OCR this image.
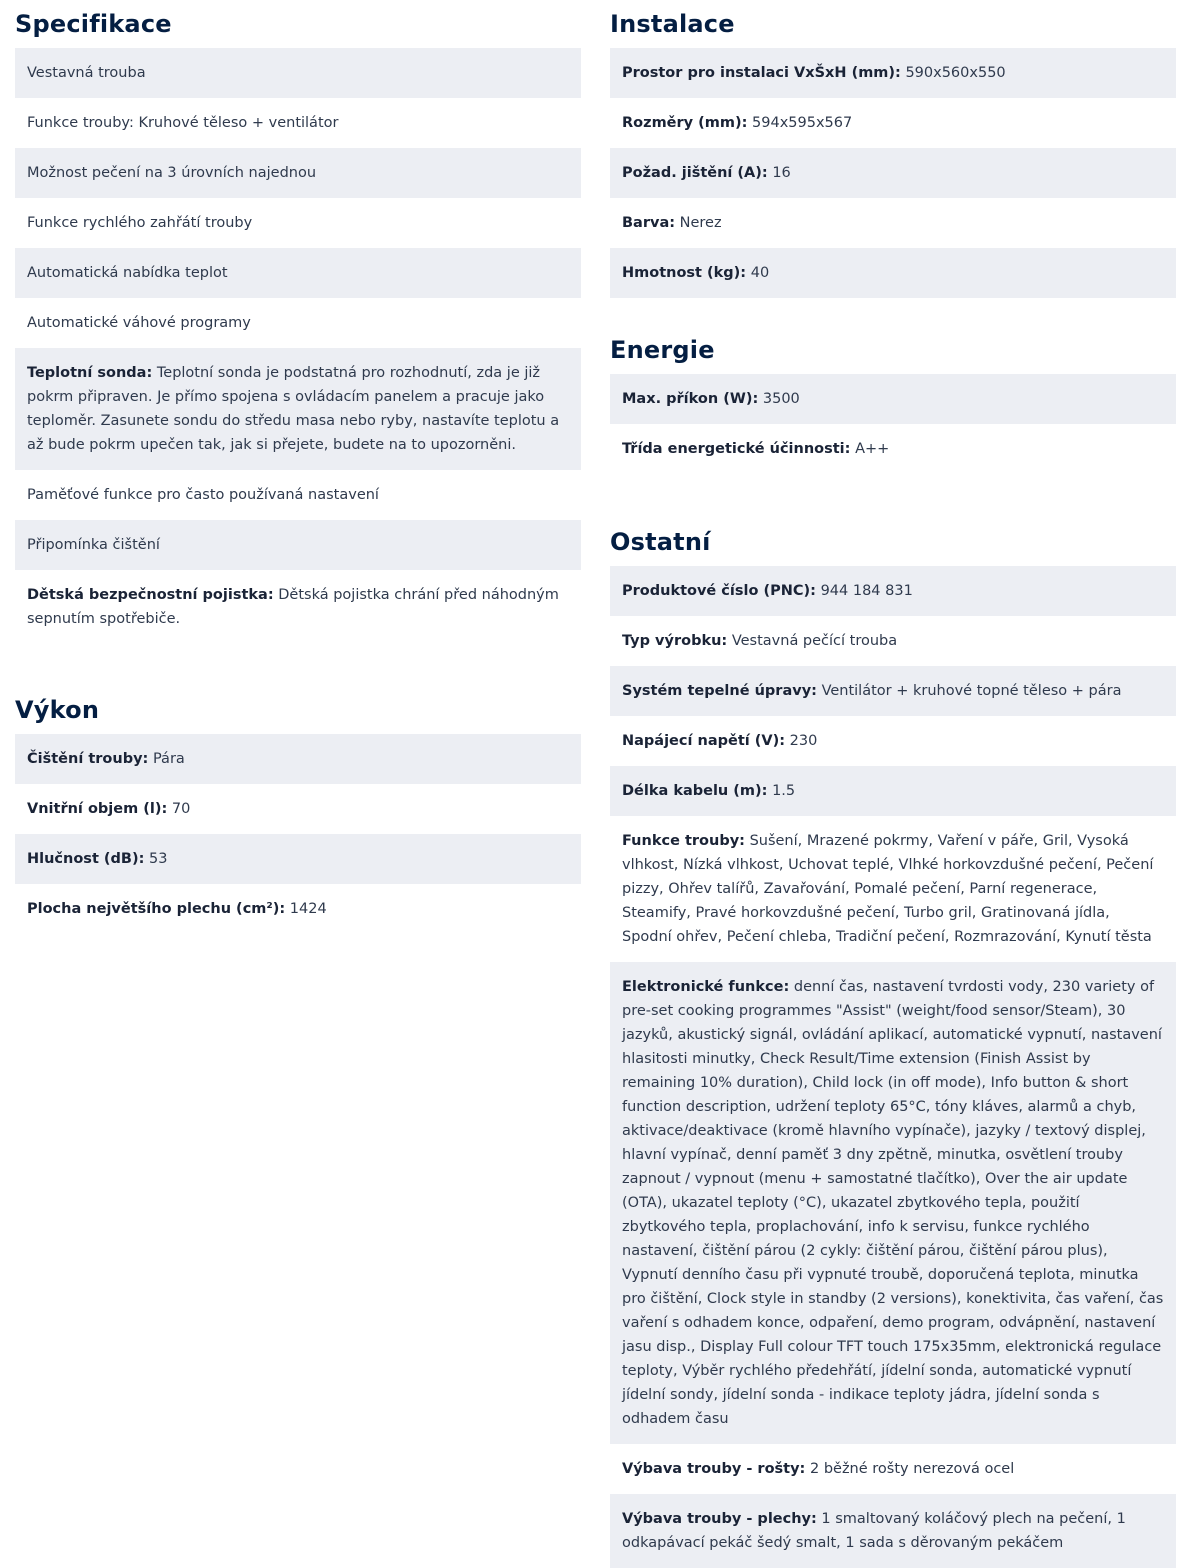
Specifikace
Vestavná trouba
Funkce trouby: Kruhové těleso + ventilátor
Možnost pečení na 3 úrovních najednou
Funkce rychlého zahřátí trouby
Automatická nabídka teplot
Automatické váhové programy
Teplotní sonda: Teplotní sonda je podstatná pro rozhodnutí, zda je již pokrm připraven. Je přímo spojena s ovládacím panelem a pracuje jako teploměr. Zasunete sondu do středu masa nebo ryby, nastavíte teplotu a až bude pokrm upečen tak, jak si přejete, budete na to upozorněni.
Paměťové funkce pro často používaná nastavení
Připomínka čištění
Dětská bezpečnostní pojistka: Dětská pojistka chrání před náhodným sepnutím spotřebiče.
Výkon
Čištění trouby: Pára
Vnitřní objem (l): 70
Hlučnost (dB): 53
Plocha největšího plechu (cm²): 1424
Instalace
Prostor pro instalaci VxŠxH (mm): 590x560x550
Rozměry (mm): 594x595x567
Požad. jištění (A): 16
Barva: Nerez
Hmotnost (kg): 40
Energie
Max. příkon (W): 3500
Třída energetické účinnosti: A++
Ostatní
Produktové číslo (PNC): 944 184 831
Typ výrobku: Vestavná pečící trouba
Systém tepelné úpravy: Ventilátor + kruhové topné těleso + pára
Napájecí napětí (V): 230
Délka kabelu (m): 1.5
Funkce trouby: Sušení, Mrazené pokrmy, Vaření v páře, Gril, Vysoká vlhkost, Nízká vlhkost, Uchovat teplé, Vlhké horkovzdušné pečení, Pečení pizzy, Ohřev talířů, Zavařování, Pomalé pečení, Parní regenerace, Steamify, Pravé horkovzdušné pečení, Turbo gril, Gratinovaná jídla, Spodní ohřev, Pečení chleba, Tradiční pečení, Rozmrazování, Kynutí těsta
Elektronické funkce: denní čas, nastavení tvrdosti vody, 230 variety of pre-set cooking programmes "Assist" (weight/food sensor/Steam), 30 jazyků, akustický signál, ovládání aplikací, automatické vypnutí, nastavení hlasitosti minutky, Check Result/Time extension (Finish Assist by remaining 10% duration), Child lock (in off mode), Info button & short function description, udržení teploty 65°C, tóny kláves, alarmů a chyb, aktivace/deaktivace (kromě hlavního vypínače), jazyky / textový displej, hlavní vypínač, denní paměť 3 dny zpětně, minutka, osvětlení trouby zapnout / vypnout (menu + samostatné tlačítko), Over the air update (OTA), ukazatel teploty (°C), ukazatel zbytkového tepla, použití zbytkového tepla, proplachování, info k servisu, funkce rychlého nastavení, čištění párou (2 cykly: čištění párou, čištění párou plus), Vypnutí denního času při vypnuté troubě, doporučená teplota, minutka pro čištění, Clock style in standby (2 versions), konektivita, čas vaření, čas vaření s odhadem konce, odpaření, demo program, odvápnění, nastavení jasu disp., Display Full colour TFT touch 175x35mm, elektronická regulace teploty, Výběr rychlého předehřátí, jídelní sonda, automatické vypnutí jídelní sondy, jídelní sonda - indikace teploty jádra, jídelní sonda s odhadem času
Výbava trouby - rošty: 2 běžné rošty nerezová ocel
Výbava trouby - plechy: 1 smaltovaný koláčový plech na pečení, 1 odkapávací pekáč šedý smalt, 1 sada s děrovaným pekáčem
